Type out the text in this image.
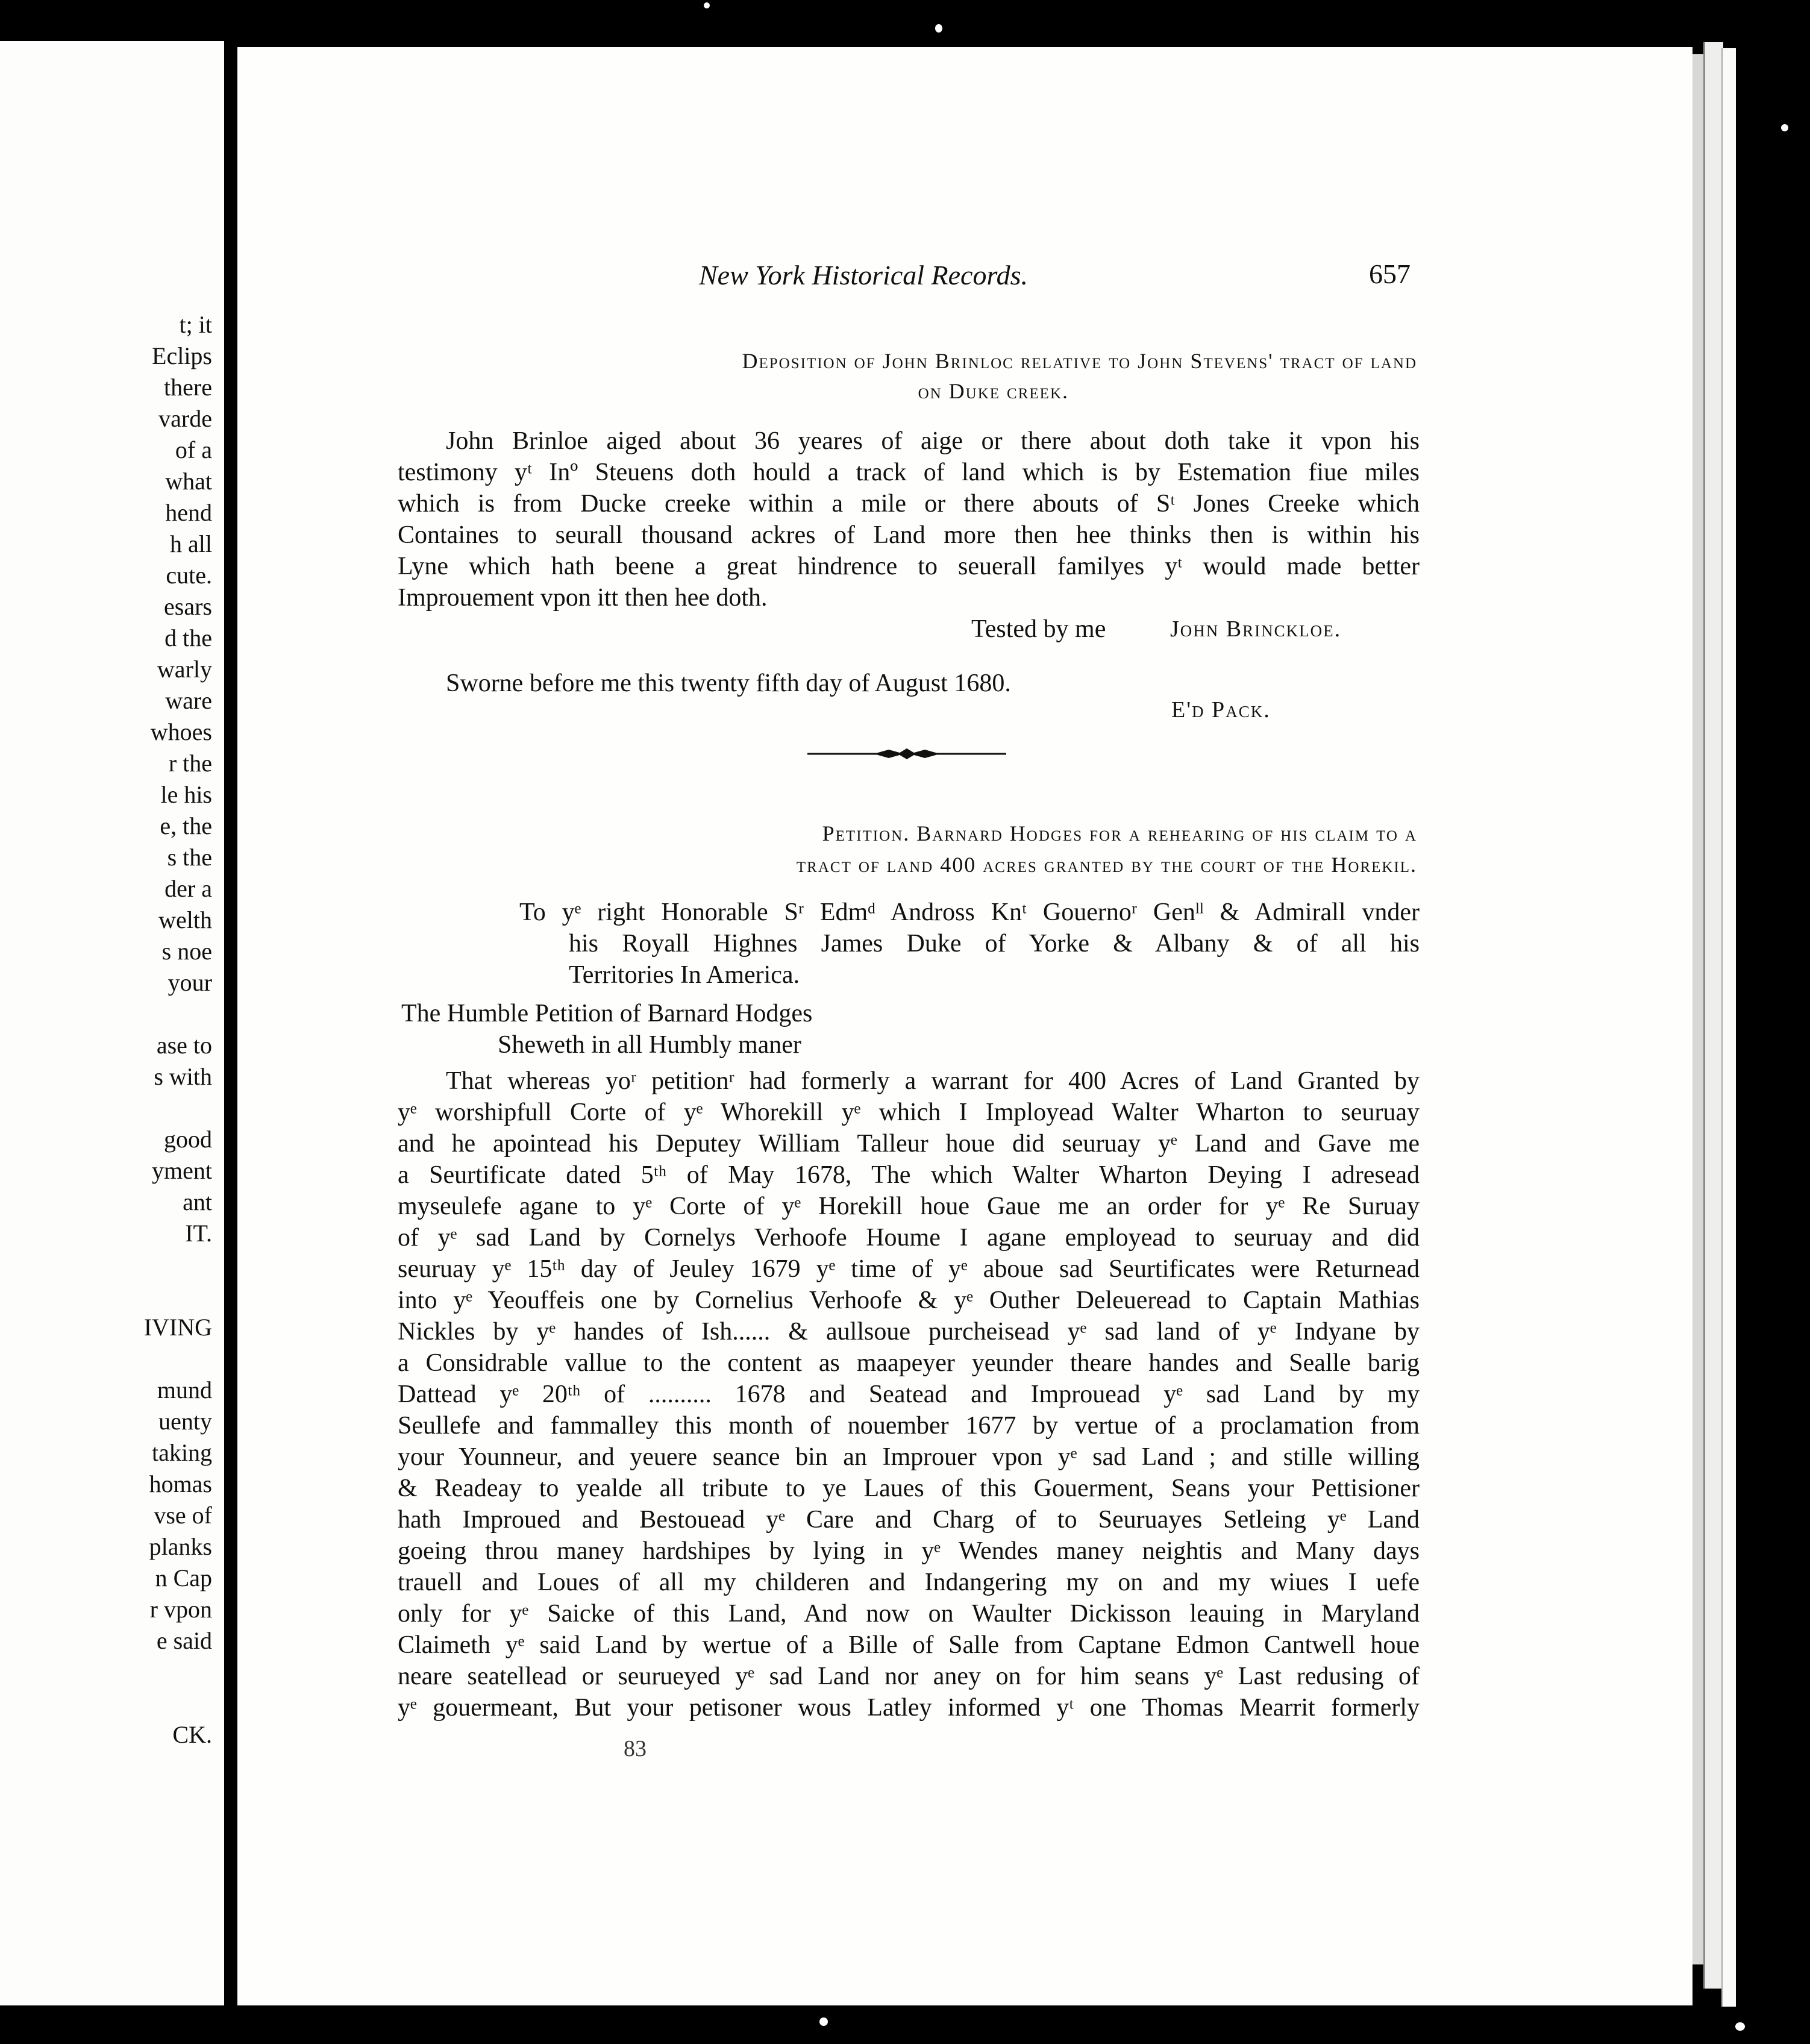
t; it
Eclips
there
varde
of a
what
hend
h all
cute.
esars
d the
warly
ware
whoes
r the
le his
e, the
s the
der a
welth
s noe
your
ase to
s with
good
yment
ant
IT.
IVING
mund
uenty
taking
homas
vse of
planks
n Cap
r vpon
e said
CK.
New York Historical Records.	657
Deposition of John Brinloc relative to John Stevens' tract of land
on Duke creek.
John Brinloe aiged about 36 yeares of aige or there about doth take it vpon his
testimony yᵗ Inº Steuens doth hould a track of land which is by Estemation fiue miles
which is from Ducke creeke within a mile or there abouts of Sᵗ Jones Creeke which
Containes to seurall thousand ackres of Land more then hee thinks then is within his
Lyne which hath beene a great hindrence to seuerall familyes yᵗ would made better
Improuement vpon itt then hee doth.
Tested by me	John Brinckloe.
Sworne before me this twenty fifth day of August 1680.
E'd Pack.
Petition. Barnard Hodges for a rehearing of his claim to a
tract of land 400 acres granted by the court of the Horekil.
To yᵉ right Honorable Sʳ Edmᵈ Andross Knᵗ Gouernoʳ Genˡˡ & Admirall vnder
his Royall Highnes James Duke of Yorke & Albany & of all his
Territories In America.
The Humble Petition of Barnard Hodges
Sheweth in all Humbly maner
That whereas yoʳ petitionʳ had formerly a warrant for 400 Acres of Land Granted by
yᵉ worshipfull Corte of yᵉ Whorekill yᵉ which I Imployead Walter Wharton to seuruay
and he apointead his Deputey William Talleur houe did seuruay yᵉ Land and Gave me
a Seurtificate dated 5ᵗʰ of May 1678, The which Walter Wharton Deying I adresead
myseulefe agane to yᵉ Corte of yᵉ Horekill houe Gaue me an order for yᵉ Re Suruay
of yᵉ sad Land by Cornelys Verhoofe Houme I agane employead to seuruay and did
seuruay yᵉ 15ᵗʰ day of Jeuley 1679 yᵉ time of yᵉ aboue sad Seurtificates were Returnead
into yᵉ Yeouffeis one by Cornelius Verhoofe & yᵉ Outher Deleueread to Captain Mathias
Nickles by yᵉ handes of Ish...... & aullsoue purcheisead yᵉ sad land of yᵉ Indyane by
a Considrable vallue to the content as maapeyer yeunder theare handes and Sealle barig
Dattead yᵉ 20ᵗʰ of .......... 1678 and Seatead and Improuead yᵉ sad Land by my
Seullefe and fammalley this month of nouember 1677 by vertue of a proclamation from
your Younneur, and yeuere seance bin an Improuer vpon yᵉ sad Land ; and stille willing
& Readeay to yealde all tribute to ye Laues of this Gouerment, Seans your Pettisioner
hath Improued and Bestouead yᵉ Care and Charg of to Seuruayes Setleing yᵉ Land
goeing throu maney hardshipes by lying in yᵉ Wendes maney neightis and Many days
trauell and Loues of all my childeren and Indangering my on and my wiues I uefe
only for yᵉ Saicke of this Land, And now on Waulter Dickisson leauing in Maryland
Claimeth yᵉ said Land by wertue of a Bille of Salle from Captane Edmon Cantwell houe
neare seatellead or seurueyed yᵉ sad Land nor aney on for him seans yᵉ Last redusing of
yᵉ gouermeant, But your petisoner wous Latley informed yᵗ one Thomas Mearrit formerly
83
